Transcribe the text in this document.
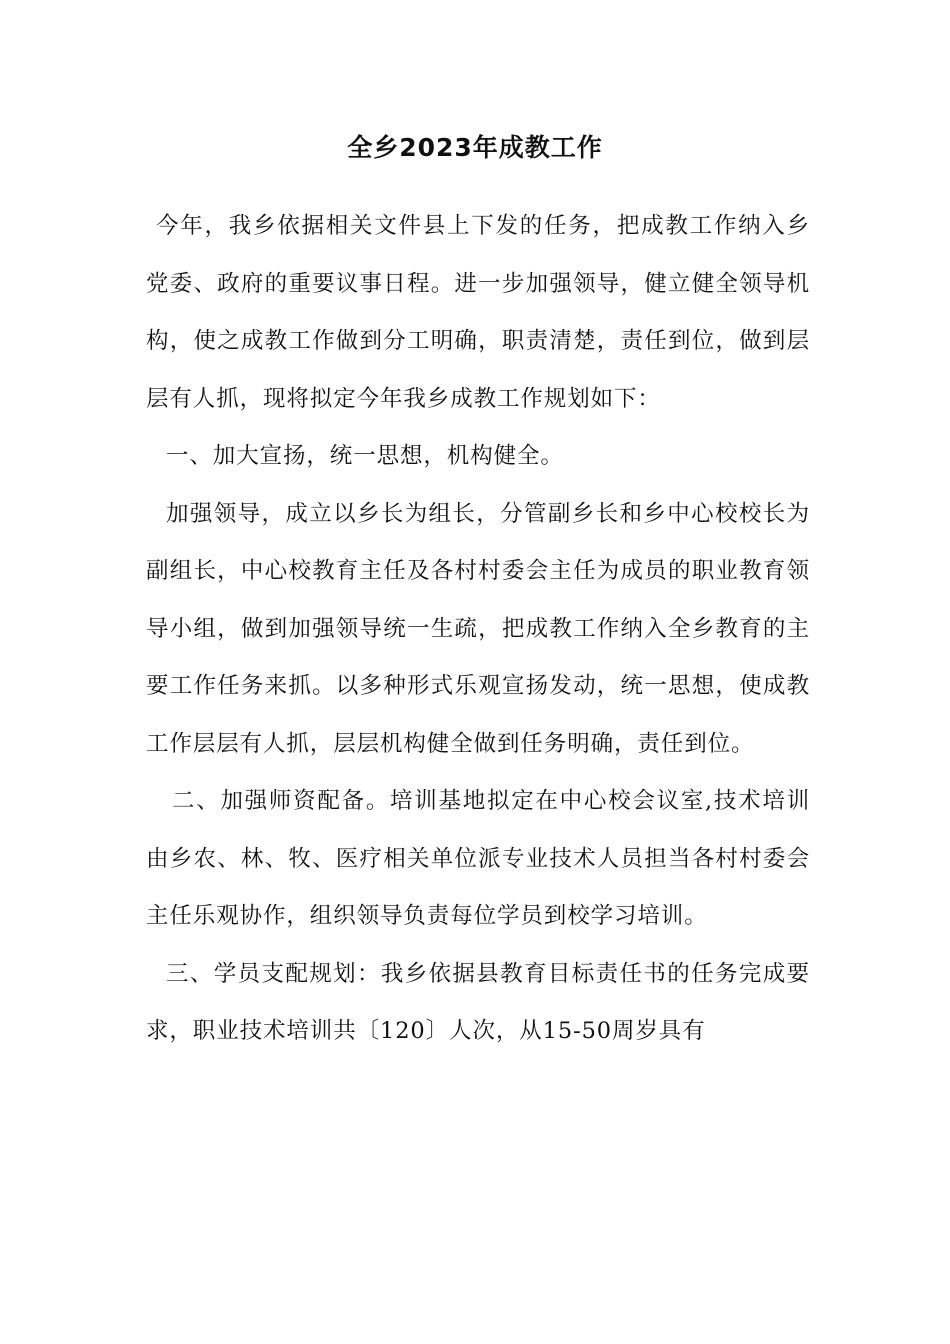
全乡2023年成教工作

今年，我乡依据相关文件县上下发的任务，把成教工作纳入乡党委、政府的重要议事日程。进一步加强领导，健立健全领导机构，使之成教工作做到分工明确，职责清楚，责任到位，做到层层有人抓，现将拟定今年我乡成教工作规划如下：

一、加大宣扬，统一思想，机构健全。

加强领导，成立以乡长为组长，分管副乡长和乡中心校校长为副组长，中心校教育主任及各村村委会主任为成员的职业教育领导小组，做到加强领导统一生疏，把成教工作纳入全乡教育的主要工作任务来抓。以多种形式乐观宣扬发动，统一思想，使成教工作层层有人抓，层层机构健全做到任务明确，责任到位。

二、加强师资配备。培训基地拟定在中心校会议室,技术培训由乡农、林、牧、医疗相关单位派专业技术人员担当各村村委会主任乐观协作，组织领导负责每位学员到校学习培训。

三、学员支配规划：我乡依据县教育目标责任书的任务完成要求，职业技术培训共〔120〕人次，从15-50周岁具有
